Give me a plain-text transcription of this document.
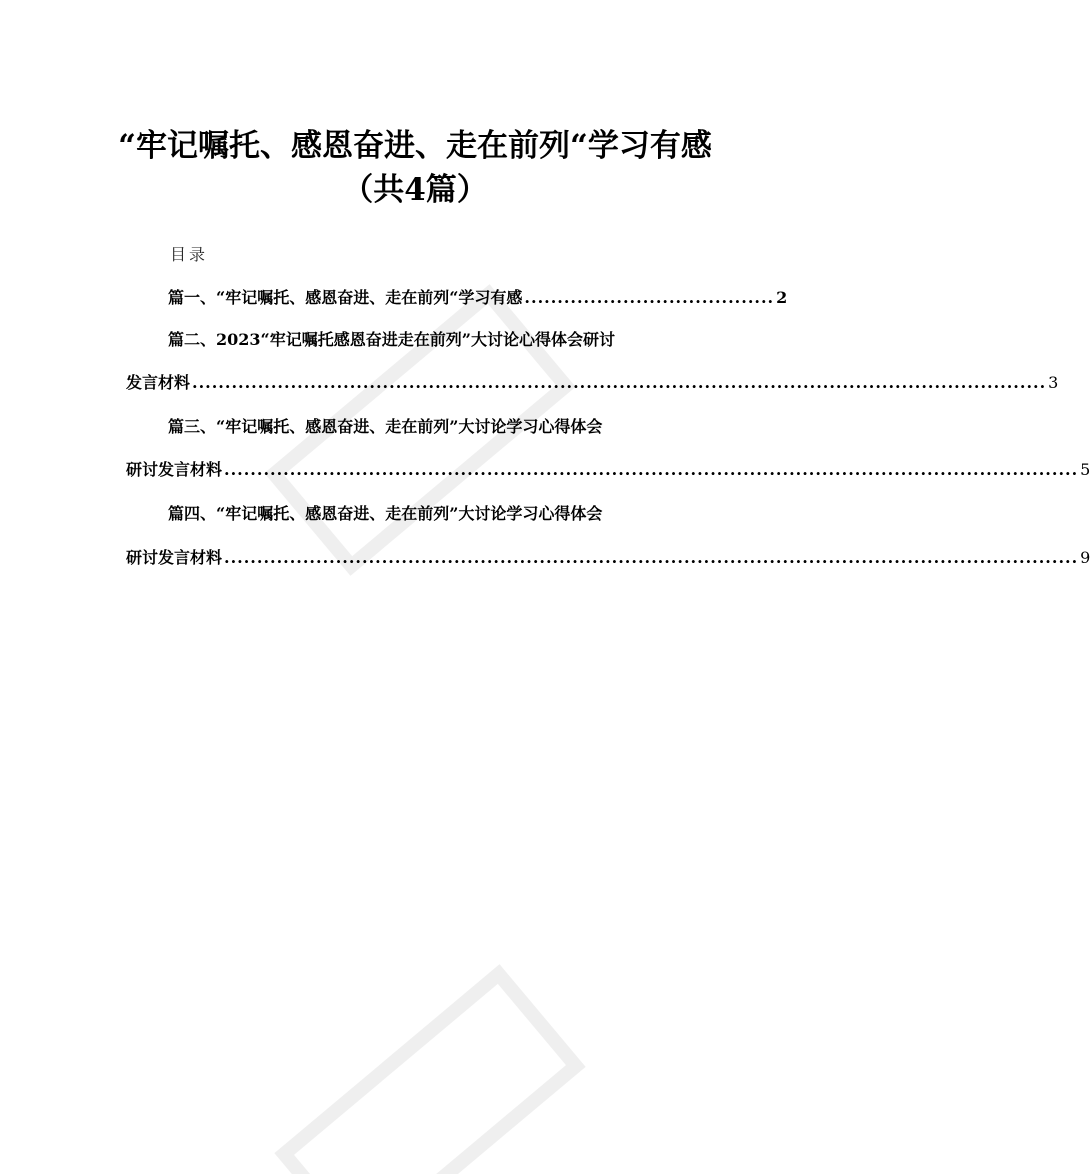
“牢记嘱托、感恩奋进、走在前列“学习有感
（共4篇）
目录
篇一、“牢记嘱托、感恩奋进、走在前列“学习有感 ...................................... 2
篇二、2023“牢记嘱托感恩奋进走在前列”大讨论心得体会研讨
发言材料 .................................................................................................................................. 3
篇三、“牢记嘱托、感恩奋进、走在前列”大讨论学习心得体会
研讨发言材料 .................................................................................................................................. 5
篇四、“牢记嘱托、感恩奋进、走在前列”大讨论学习心得体会
研讨发言材料 .................................................................................................................................. 9
